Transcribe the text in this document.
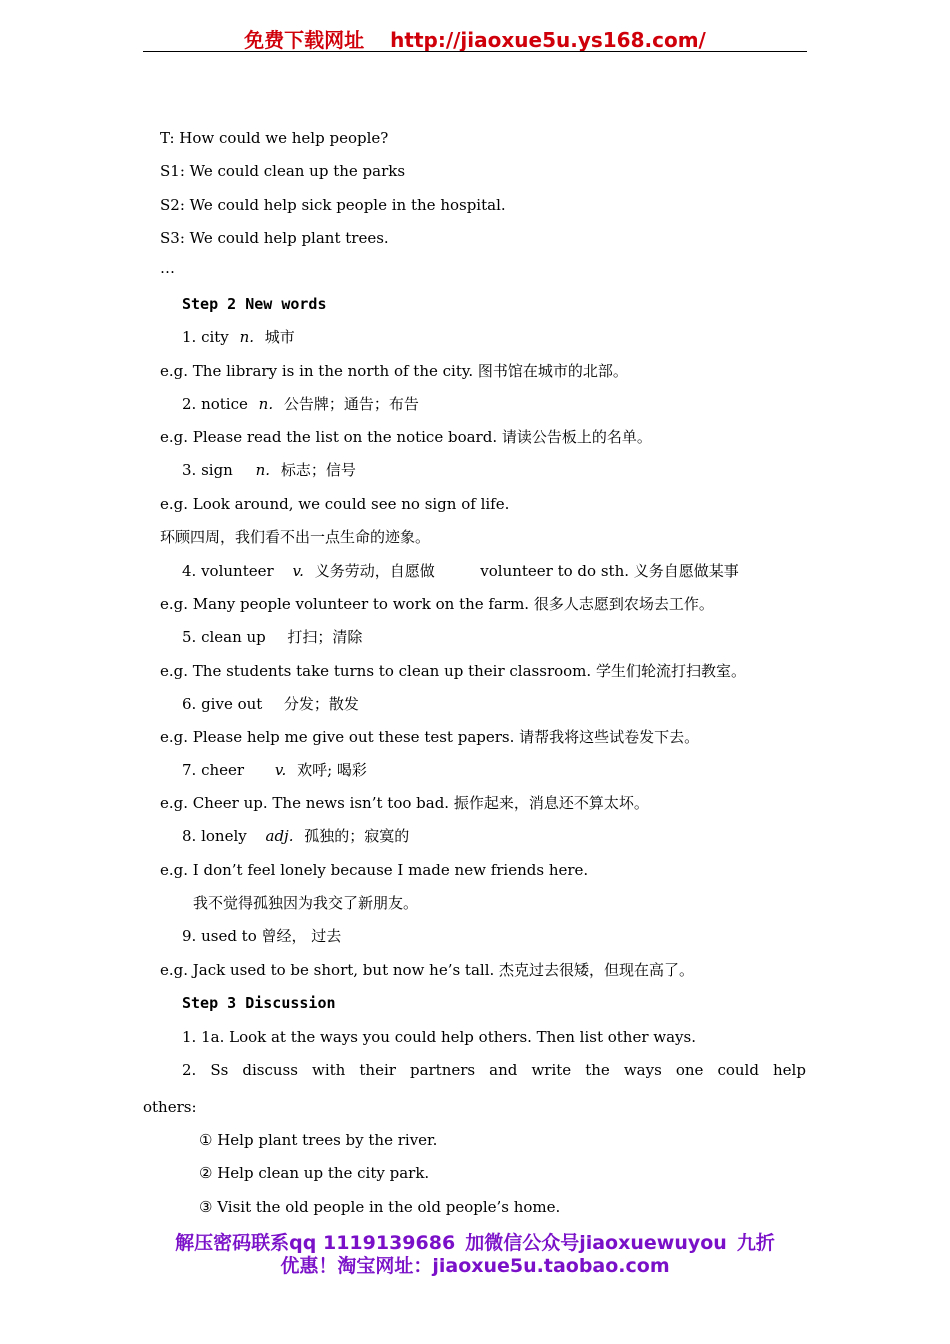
免费下载网址 http://jiaoxue5u.ys168.com/
T: How could we help people?
S1: We could clean up the parks
S2: We could help sick people in the hospital.
S3: We could help plant trees.
…
Step 2 New words
1. city n. 城市
e.g. The library is in the north of the city. 图书馆在城市的北部。
2. notice n. 公告牌；通告；布告
e.g. Please read the list on the notice board. 请读公告板上的名单。
3. sign n. 标志；信号
e.g. Look around, we could see no sign of life.
环顾四周，我们看不出一点生命的迹象。
4. volunteer v. 义务劳动，自愿做	volunteer to do sth. 义务自愿做某事
e.g. Many people volunteer to work on the farm. 很多人志愿到农场去工作。
5. clean up 打扫；清除
e.g. The students take turns to clean up their classroom. 学生们轮流打扫教室。
6. give out 分发；散发
e.g. Please help me give out these test papers. 请帮我将这些试卷发下去。
7. cheer v. 欢呼; 喝彩
e.g. Cheer up. The news isn’t too bad. 振作起来，消息还不算太坏。
8. lonely adj. 孤独的；寂寞的
e.g. I don’t feel lonely because I made new friends here.
我不觉得孤独因为我交了新朋友。
9. used to 曾经， 过去
e.g. Jack used to be short, but now he’s tall. 杰克过去很矮，但现在高了。
Step 3 Discussion
1. 1a. Look at the ways you could help others. Then list other ways.
2. Ss discuss with their partners and write the ways one could help
others:
① Help plant trees by the river.
② Help clean up the city park.
③ Visit the old people in the old people’s home.
解压密码联系qq 1119139686 加微信公众号jiaoxuewuyou 九折
优惠！淘宝网址：jiaoxue5u.taobao.com
